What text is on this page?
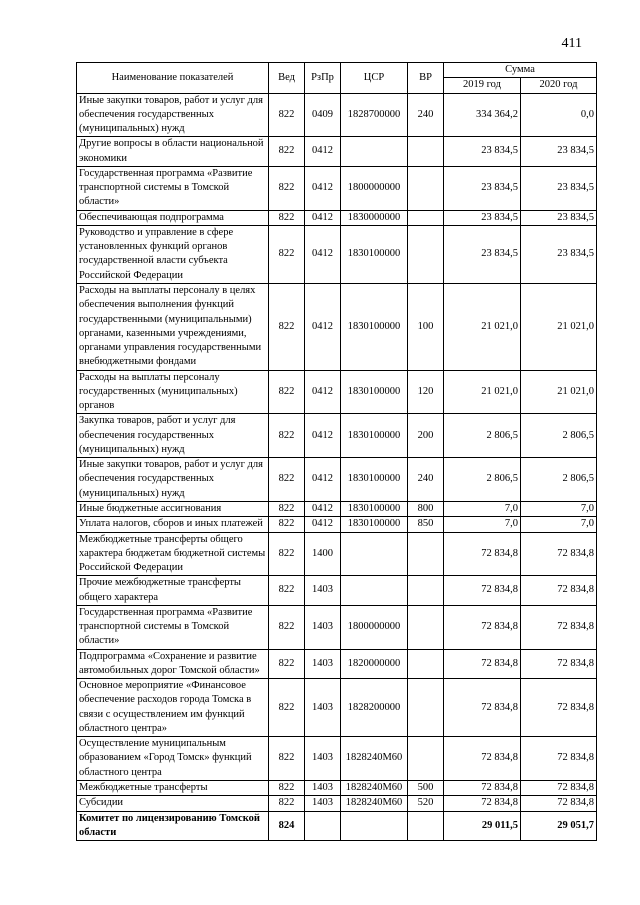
411
Наименование показателей	Вед	РзПр	ЦСР	ВР	Сумма	
					2019 год	2020 год
Иные закупки товаров, работ и услуг для обеспечения государственных (муниципальных) нужд	822	0409	1828700000	240	334 364,2	0,0
Другие вопросы в области национальной экономики	822	0412			23 834,5	23 834,5
Государственная программа «Развитие транспортной системы в Томской области»	822	0412	1800000000		23 834,5	23 834,5
Обеспечивающая подпрограмма	822	0412	1830000000		23 834,5	23 834,5
Руководство и управление в сфере установленных функций органов государственной власти субъекта Российской Федерации	822	0412	1830100000		23 834,5	23 834,5
Расходы на выплаты персоналу в целях обеспечения выполнения функций государственными (муниципальными) органами, казенными учреждениями, органами управления государственными внебюджетными фондами	822	0412	1830100000	100	21 021,0	21 021,0
Расходы на выплаты персоналу государственных (муниципальных) органов	822	0412	1830100000	120	21 021,0	21 021,0
Закупка товаров, работ и услуг для обеспечения государственных (муниципальных) нужд	822	0412	1830100000	200	2 806,5	2 806,5
Иные закупки товаров, работ и услуг для обеспечения государственных (муниципальных) нужд	822	0412	1830100000	240	2 806,5	2 806,5
Иные бюджетные ассигнования	822	0412	1830100000	800	7,0	7,0
Уплата налогов, сборов и иных платежей	822	0412	1830100000	850	7,0	7,0
Межбюджетные трансферты общего характера бюджетам бюджетной системы Российской Федерации	822	1400			72 834,8	72 834,8
Прочие межбюджетные трансферты общего характера	822	1403			72 834,8	72 834,8
Государственная программа «Развитие транспортной системы в Томской области»	822	1403	1800000000		72 834,8	72 834,8
Подпрограмма «Сохранение и развитие автомобильных дорог Томской области»	822	1403	1820000000		72 834,8	72 834,8
Основное мероприятие «Финансовое обеспечение расходов города Томска в связи с осуществлением им функций областного центра»	822	1403	1828200000		72 834,8	72 834,8
Осуществление муниципальным образованием «Город Томск» функций областного центра	822	1403	1828240M60		72 834,8	72 834,8
Межбюджетные трансферты	822	1403	1828240M60	500	72 834,8	72 834,8
Субсидии	822	1403	1828240M60	520	72 834,8	72 834,8
Комитет по лицензированию Томской области	824				29 011,5	29 051,7
